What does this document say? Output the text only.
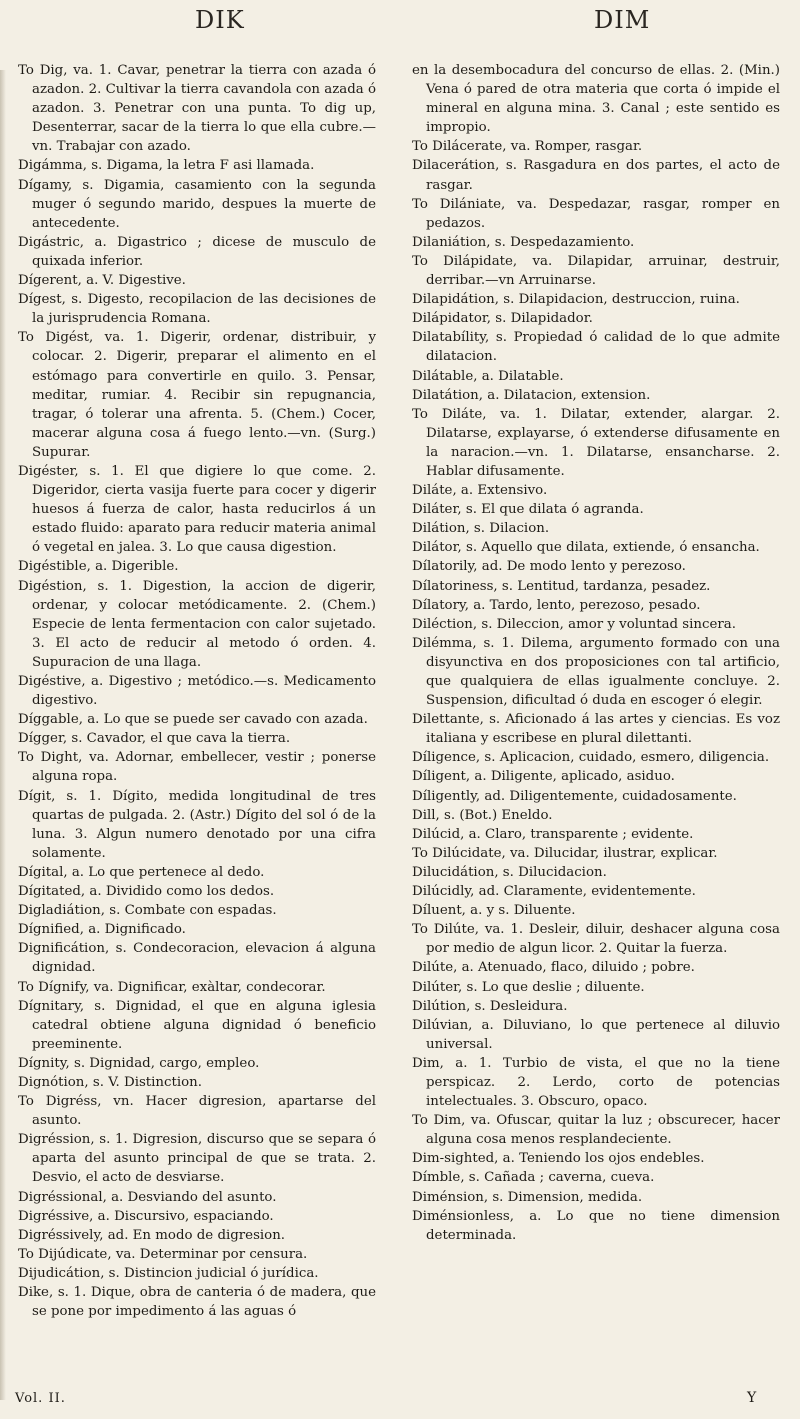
DIK	DIM

To Dig, va. 1. Cavar, penetrar la tierra con azada ó azadon. 2. Cultivar la tierra cavandola con azada ó azadon. 3. Penetrar con una punta. To dig up, Desenterrar, sacar de la tierra lo que ella cubre.—vn. Trabajar con azado.

Digámma, s. Digama, la letra F asi llamada.

Dígamy, s. Digamia, casamiento con la segunda muger ó segundo marido, despues la muerte de antecedente.

Digástric, a. Digastrico ; dicese de musculo de quixada inferior.

Dígerent, a. V. Digestive.

Dígest, s. Digesto, recopilacion de las decisiones de la jurisprudencia Romana.

To Digést, va. 1. Digerir, ordenar, distribuir, y colocar. 2. Digerir, preparar el alimento en el estómago para convertirle en quilo. 3. Pensar, meditar, rumiar. 4. Recibir sin repugnancia, tragar, ó tolerar una afrenta. 5. (Chem.) Cocer, macerar alguna cosa á fuego lento.—vn. (Surg.) Supurar.

Digéster, s. 1. El que digiere lo que come. 2. Digeridor, cierta vasija fuerte para cocer y digerir huesos á fuerza de calor, hasta reducirlos á un estado fluido: aparato para reducir materia animal ó vegetal en jalea. 3. Lo que causa digestion.

Digéstible, a. Digerible.

Digéstion, s. 1. Digestion, la accion de digerir, ordenar, y colocar metódicamente. 2. (Chem.) Especie de lenta fermentacion con calor sujetado. 3. El acto de reducir al metodo ó orden. 4. Supuracion de una llaga.

Digéstive, a. Digestivo ; metódico.—s. Medicamento digestivo.

Díggable, a. Lo que se puede ser cavado con azada.

Dígger, s. Cavador, el que cava la tierra.

To Dight, va. Adornar, embellecer, vestir ; ponerse alguna ropa.

Dígit, s. 1. Dígito, medida longitudinal de tres quartas de pulgada. 2. (Astr.) Dígito del sol ó de la luna. 3. Algun numero denotado por una cifra solamente.

Dígital, a. Lo que pertenece al dedo.

Dígitated, a. Dividido como los dedos.

Digladiátion, s. Combate con espadas.

Dígnified, a. Dignificado.

Dignificátion, s. Condecoracion, elevacion á alguna dignidad.

To Dígnify, va. Dignificar, exàltar, condecorar.

Dígnitary, s. Dignidad, el que en alguna iglesia catedral obtiene alguna dignidad ó beneficio preeminente.

Dígnity, s. Dignidad, cargo, empleo.

Dignótion, s. V. Distinction.

To Digréss, vn. Hacer digresion, apartarse del asunto.

Digréssion, s. 1. Digresion, discurso que se separa ó aparta del asunto principal de que se trata. 2. Desvio, el acto de desviarse.

Digréssional, a. Desviando del asunto.

Digréssive, a. Discursivo, espaciando.

Digréssively, ad. En modo de digresion.

To Dijúdicate, va. Determinar por censura.

Dijudicátion, s. Distincion judicial ó jurídica.

Dike, s. 1. Dique, obra de canteria ó de madera, que se pone por impedimento á las aguas ó

en la desembocadura del concurso de ellas. 2. (Min.) Vena ó pared de otra materia que corta ó impide el mineral en alguna mina. 3. Canal ; este sentido es impropio.

To Dilácerate, va. Romper, rasgar.

Dilacerátion, s. Rasgadura en dos partes, el acto de rasgar.

To Dilániate, va. Despedazar, rasgar, romper en pedazos.

Dilaniátion, s. Despedazamiento.

To Dilápidate, va. Dilapidar, arruinar, destruir, derribar.—vn Arruinarse.

Dilapidátion, s. Dilapidacion, destruccion, ruina.

Dilápidator, s. Dilapidador.

Dilatabílity, s. Propiedad ó calidad de lo que admite dilatacion.

Dilátable, a. Dilatable.

Dilatátion, a. Dilatacion, extension.

To Diláte, va. 1. Dilatar, extender, alargar. 2. Dilatarse, explayarse, ó extenderse difusamente en la naracion.—vn. 1. Dilatarse, ensancharse. 2. Hablar difusamente.

Diláte, a. Extensivo.

Diláter, s. El que dilata ó agranda.

Dilátion, s. Dilacion.

Dilátor, s. Aquello que dilata, extiende, ó ensancha.

Dílatorily, ad. De modo lento y perezoso.

Dílatoriness, s. Lentitud, tardanza, pesadez.

Dílatory, a. Tardo, lento, perezoso, pesado.

Diléction, s. Dileccion, amor y voluntad sincera.

Dilémma, s. 1. Dilema, argumento formado con una disyunctiva en dos proposiciones con tal artificio, que qualquiera de ellas igualmente concluye. 2. Suspension, dificultad ó duda en escoger ó elegir.

Dilettante, s. Aficionado á las artes y ciencias. Es voz italiana y escribese en plural dilettanti.

Díligence, s. Aplicacion, cuidado, esmero, diligencia.

Díligent, a. Diligente, aplicado, asiduo.

Díligently, ad. Diligentemente, cuidadosamente.

Dill, s. (Bot.) Eneldo.

Dilúcid, a. Claro, transparente ; evidente.

To Dilúcidate, va. Dilucidar, ilustrar, explicar.

Dilucidátion, s. Dilucidacion.

Dilúcidly, ad. Claramente, evidentemente.

Díluent, a. y s. Diluente.

To Dilúte, va. 1. Desleir, diluir, deshacer alguna cosa por medio de algun licor. 2. Quitar la fuerza.

Dilúte, a. Atenuado, flaco, diluido ; pobre.

Dilúter, s. Lo que deslie ; diluente.

Dilútion, s. Desleidura.

Dilúvian, a. Diluviano, lo que pertenece al diluvio universal.

Dim, a. 1. Turbio de vista, el que no la tiene perspicaz. 2. Lerdo, corto de potencias intelectuales. 3. Obscuro, opaco.

To Dim, va. Ofuscar, quitar la luz ; obscurecer, hacer alguna cosa menos resplandeciente.

Dim-sighted, a. Teniendo los ojos endebles.

Dímble, s. Cañada ; caverna, cueva.

Diménsion, s. Dimension, medida.

Diménsionless, a. Lo que no tiene dimension determinada.

Vol. II.	Y
